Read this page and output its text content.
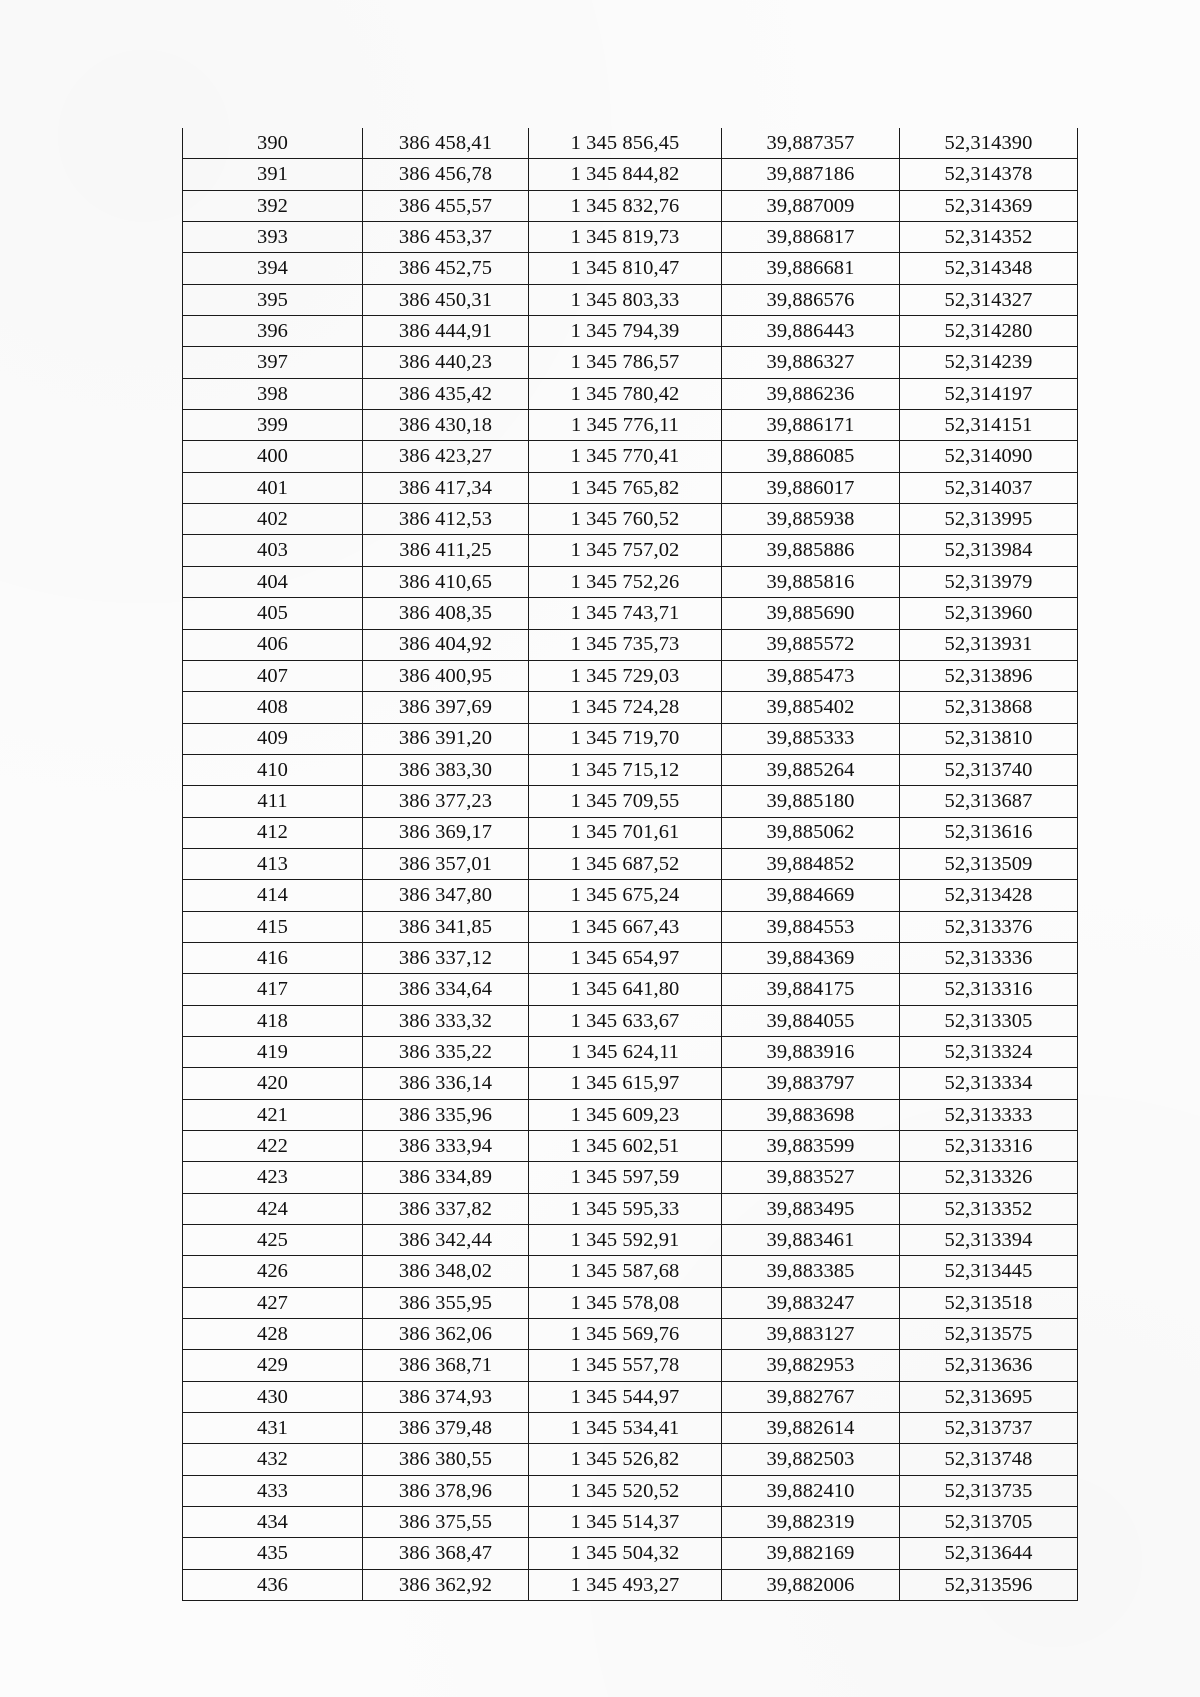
390	386 458,41	1 345 856,45	39,887357	52,314390
391	386 456,78	1 345 844,82	39,887186	52,314378
392	386 455,57	1 345 832,76	39,887009	52,314369
393	386 453,37	1 345 819,73	39,886817	52,314352
394	386 452,75	1 345 810,47	39,886681	52,314348
395	386 450,31	1 345 803,33	39,886576	52,314327
396	386 444,91	1 345 794,39	39,886443	52,314280
397	386 440,23	1 345 786,57	39,886327	52,314239
398	386 435,42	1 345 780,42	39,886236	52,314197
399	386 430,18	1 345 776,11	39,886171	52,314151
400	386 423,27	1 345 770,41	39,886085	52,314090
401	386 417,34	1 345 765,82	39,886017	52,314037
402	386 412,53	1 345 760,52	39,885938	52,313995
403	386 411,25	1 345 757,02	39,885886	52,313984
404	386 410,65	1 345 752,26	39,885816	52,313979
405	386 408,35	1 345 743,71	39,885690	52,313960
406	386 404,92	1 345 735,73	39,885572	52,313931
407	386 400,95	1 345 729,03	39,885473	52,313896
408	386 397,69	1 345 724,28	39,885402	52,313868
409	386 391,20	1 345 719,70	39,885333	52,313810
410	386 383,30	1 345 715,12	39,885264	52,313740
411	386 377,23	1 345 709,55	39,885180	52,313687
412	386 369,17	1 345 701,61	39,885062	52,313616
413	386 357,01	1 345 687,52	39,884852	52,313509
414	386 347,80	1 345 675,24	39,884669	52,313428
415	386 341,85	1 345 667,43	39,884553	52,313376
416	386 337,12	1 345 654,97	39,884369	52,313336
417	386 334,64	1 345 641,80	39,884175	52,313316
418	386 333,32	1 345 633,67	39,884055	52,313305
419	386 335,22	1 345 624,11	39,883916	52,313324
420	386 336,14	1 345 615,97	39,883797	52,313334
421	386 335,96	1 345 609,23	39,883698	52,313333
422	386 333,94	1 345 602,51	39,883599	52,313316
423	386 334,89	1 345 597,59	39,883527	52,313326
424	386 337,82	1 345 595,33	39,883495	52,313352
425	386 342,44	1 345 592,91	39,883461	52,313394
426	386 348,02	1 345 587,68	39,883385	52,313445
427	386 355,95	1 345 578,08	39,883247	52,313518
428	386 362,06	1 345 569,76	39,883127	52,313575
429	386 368,71	1 345 557,78	39,882953	52,313636
430	386 374,93	1 345 544,97	39,882767	52,313695
431	386 379,48	1 345 534,41	39,882614	52,313737
432	386 380,55	1 345 526,82	39,882503	52,313748
433	386 378,96	1 345 520,52	39,882410	52,313735
434	386 375,55	1 345 514,37	39,882319	52,313705
435	386 368,47	1 345 504,32	39,882169	52,313644
436	386 362,92	1 345 493,27	39,882006	52,313596
